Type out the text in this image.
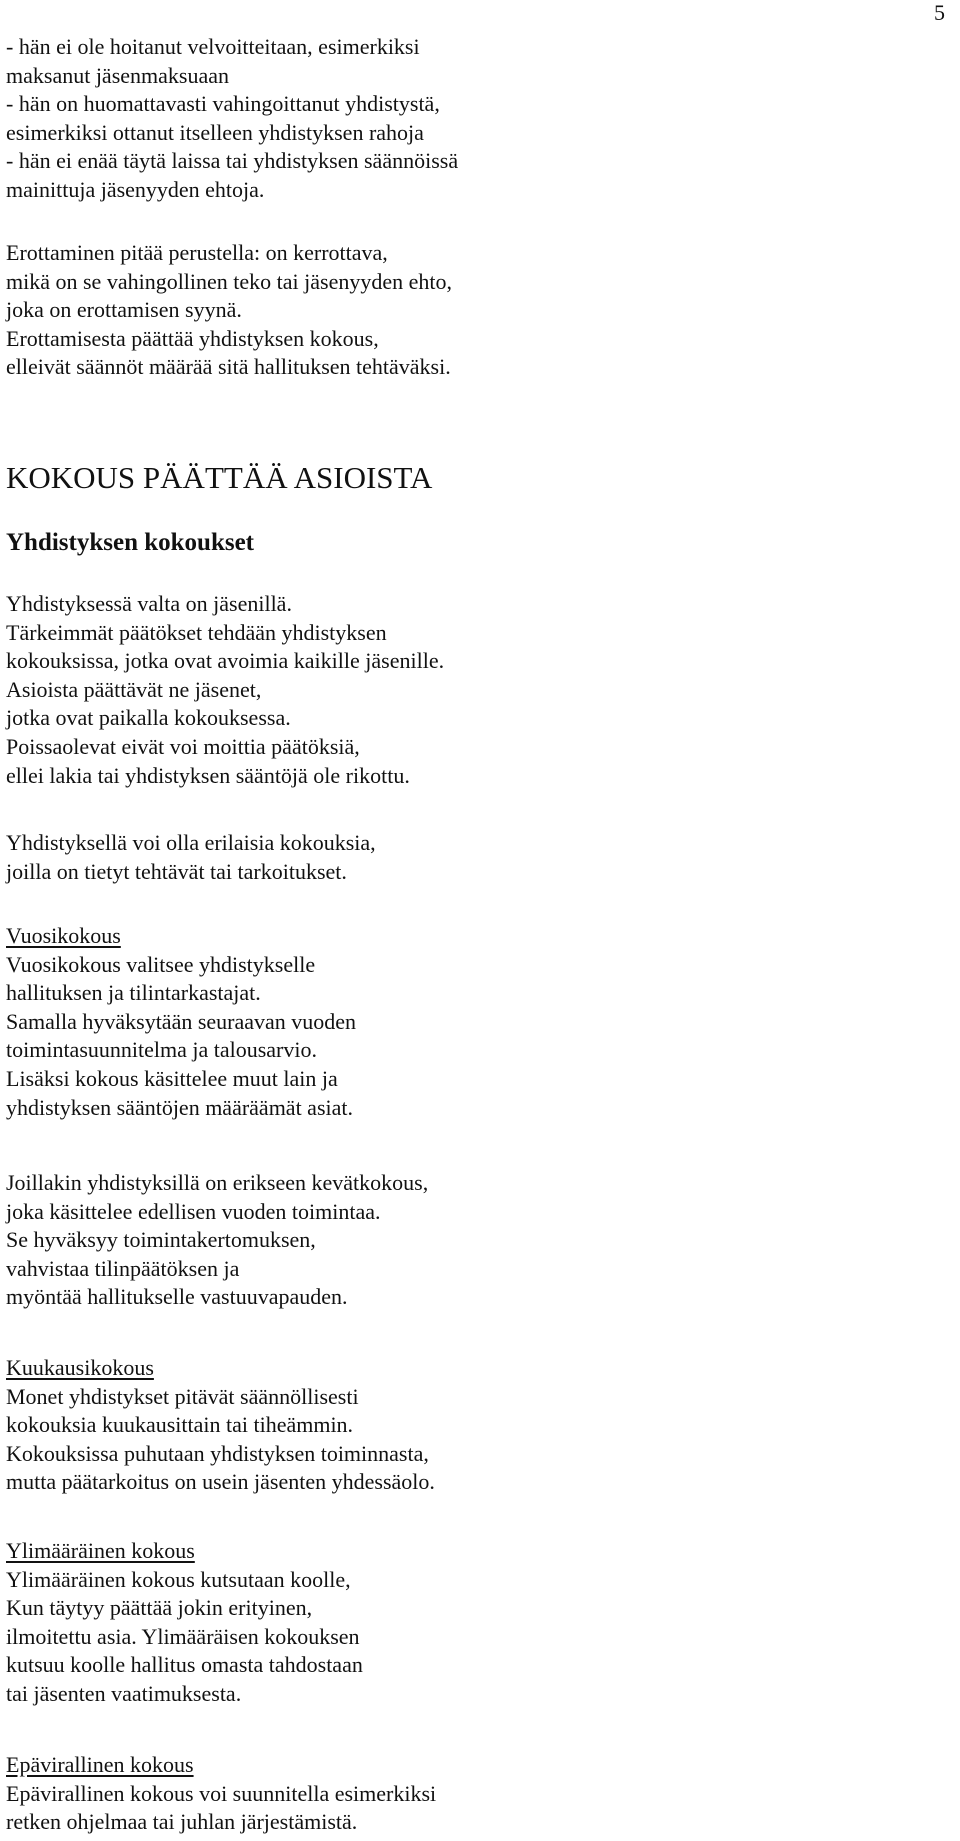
5
- hän ei ole hoitanut velvoitteitaan, esimerkiksi
maksanut jäsenmaksuaan
- hän on huomattavasti vahingoittanut yhdistystä,
esimerkiksi ottanut itselleen yhdistyksen rahoja
- hän ei enää täytä laissa tai yhdistyksen säännöissä
mainittuja jäsenyyden ehtoja.
Erottaminen pitää perustella: on kerrottava,
mikä on se vahingollinen teko tai jäsenyyden ehto,
joka on erottamisen syynä.
Erottamisesta päättää yhdistyksen kokous,
elleivät säännöt määrää sitä hallituksen tehtäväksi.
KOKOUS PÄÄTTÄÄ ASIOISTA
Yhdistyksen kokoukset
Yhdistyksessä valta on jäsenillä.
Tärkeimmät päätökset tehdään yhdistyksen
kokouksissa, jotka ovat avoimia kaikille jäsenille.
Asioista päättävät ne jäsenet,
jotka ovat paikalla kokouksessa.
Poissaolevat eivät voi moittia päätöksiä,
ellei lakia tai yhdistyksen sääntöjä ole rikottu.
Yhdistyksellä voi olla erilaisia kokouksia,
joilla on tietyt tehtävät tai tarkoitukset.
Vuosikokous
Vuosikokous valitsee yhdistykselle
hallituksen ja tilintarkastajat.
Samalla hyväksytään seuraavan vuoden
toimintasuunnitelma ja talousarvio.
Lisäksi kokous käsittelee muut lain ja
yhdistyksen sääntöjen määräämät asiat.
Joillakin yhdistyksillä on erikseen kevätkokous,
joka käsittelee edellisen vuoden toimintaa.
Se hyväksyy toimintakertomuksen,
vahvistaa tilinpäätöksen ja
myöntää hallitukselle vastuuvapauden.
Kuukausikokous
Monet yhdistykset pitävät säännöllisesti
kokouksia kuukausittain tai tiheämmin.
Kokouksissa puhutaan yhdistyksen toiminnasta,
mutta päätarkoitus on usein jäsenten yhdessäolo.
Ylimääräinen kokous
Ylimääräinen kokous kutsutaan koolle,
Kun täytyy päättää jokin erityinen,
ilmoitettu asia. Ylimääräisen kokouksen
kutsuu koolle hallitus omasta tahdostaan
tai jäsenten vaatimuksesta.
Epävirallinen kokous
Epävirallinen kokous voi suunnitella esimerkiksi
retken ohjelmaa tai juhlan järjestämistä.
